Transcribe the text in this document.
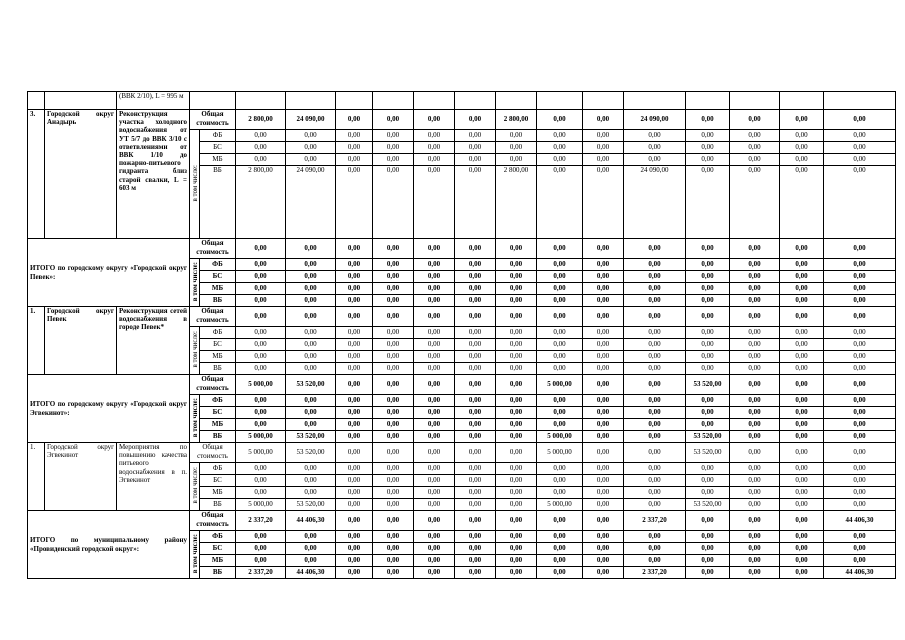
		(ВВК 2/10), L = 995 м																
3.	Городской округ Анадырь	Реконструкция участка холодного водоснабжения от УТ 5/7 до ВВК 3/10 с ответвлениями от ВВК 1/10 до пожарно-питьевого гидранта близ старой свалки, L = 603 м	Общая стоимость		2 800,00	24 090,00	0,00	0,00	0,00	0,00	2 800,00	0,00	0,00	24 090,00	0,00	0,00	0,00	0,00
			в том числе:	ФБ	0,00	0,00	0,00	0,00	0,00	0,00	0,00	0,00	0,00	0,00	0,00	0,00	0,00	0,00
				БС	0,00	0,00	0,00	0,00	0,00	0,00	0,00	0,00	0,00	0,00	0,00	0,00	0,00	0,00
				МБ	0,00	0,00	0,00	0,00	0,00	0,00	0,00	0,00	0,00	0,00	0,00	0,00	0,00	0,00
				ВБ	2 800,00	24 090,00	0,00	0,00	0,00	0,00	2 800,00	0,00	0,00	24 090,00	0,00	0,00	0,00	0,00
ИТОГО по городскому округу «Городской округ Певек»:			Общая стоимость		0,00	0,00	0,00	0,00	0,00	0,00	0,00	0,00	0,00	0,00	0,00	0,00	0,00	0,00
			в том числе:	ФБ	0,00	0,00	0,00	0,00	0,00	0,00	0,00	0,00	0,00	0,00	0,00	0,00	0,00	0,00
				БС	0,00	0,00	0,00	0,00	0,00	0,00	0,00	0,00	0,00	0,00	0,00	0,00	0,00	0,00
				МБ	0,00	0,00	0,00	0,00	0,00	0,00	0,00	0,00	0,00	0,00	0,00	0,00	0,00	0,00
				ВБ	0,00	0,00	0,00	0,00	0,00	0,00	0,00	0,00	0,00	0,00	0,00	0,00	0,00	0,00
1.	Городской округ Певек	Реконструкция сетей водоснабжения в городе Певек*	Общая стоимость		0,00	0,00	0,00	0,00	0,00	0,00	0,00	0,00	0,00	0,00	0,00	0,00	0,00	0,00
			в том числе:	ФБ	0,00	0,00	0,00	0,00	0,00	0,00	0,00	0,00	0,00	0,00	0,00	0,00	0,00	0,00
				БС	0,00	0,00	0,00	0,00	0,00	0,00	0,00	0,00	0,00	0,00	0,00	0,00	0,00	0,00
				МБ	0,00	0,00	0,00	0,00	0,00	0,00	0,00	0,00	0,00	0,00	0,00	0,00	0,00	0,00
				ВБ	0,00	0,00	0,00	0,00	0,00	0,00	0,00	0,00	0,00	0,00	0,00	0,00	0,00	0,00
ИТОГО по городскому округу «Городской округ Эгвекинот»:			Общая стоимость		5 000,00	53 520,00	0,00	0,00	0,00	0,00	0,00	5 000,00	0,00	0,00	53 520,00	0,00	0,00	0,00
			в том числе:	ФБ	0,00	0,00	0,00	0,00	0,00	0,00	0,00	0,00	0,00	0,00	0,00	0,00	0,00	0,00
				БС	0,00	0,00	0,00	0,00	0,00	0,00	0,00	0,00	0,00	0,00	0,00	0,00	0,00	0,00
				МБ	0,00	0,00	0,00	0,00	0,00	0,00	0,00	0,00	0,00	0,00	0,00	0,00	0,00	0,00
				ВБ	5 000,00	53 520,00	0,00	0,00	0,00	0,00	0,00	5 000,00	0,00	0,00	53 520,00	0,00	0,00	0,00
1.	Городской округ Эгвекинот	Мероприятия по повышению качества питьевого водоснабжения в п. Эгвекинот	Общая стоимость		5 000,00	53 520,00	0,00	0,00	0,00	0,00	0,00	5 000,00	0,00	0,00	53 520,00	0,00	0,00	0,00
			в том числе:	ФБ	0,00	0,00	0,00	0,00	0,00	0,00	0,00	0,00	0,00	0,00	0,00	0,00	0,00	0,00
				БС	0,00	0,00	0,00	0,00	0,00	0,00	0,00	0,00	0,00	0,00	0,00	0,00	0,00	0,00
				МБ	0,00	0,00	0,00	0,00	0,00	0,00	0,00	0,00	0,00	0,00	0,00	0,00	0,00	0,00
				ВБ	5 000,00	53 520,00	0,00	0,00	0,00	0,00	0,00	5 000,00	0,00	0,00	53 520,00	0,00	0,00	0,00
ИТОГО по муниципальному району «Провиденский городской округ»:			Общая стоимость		2 337,20	44 406,30	0,00	0,00	0,00	0,00	0,00	0,00	0,00	2 337,20	0,00	0,00	0,00	44 406,30
			в том числе:	ФБ	0,00	0,00	0,00	0,00	0,00	0,00	0,00	0,00	0,00	0,00	0,00	0,00	0,00	0,00
				БС	0,00	0,00	0,00	0,00	0,00	0,00	0,00	0,00	0,00	0,00	0,00	0,00	0,00	0,00
				МБ	0,00	0,00	0,00	0,00	0,00	0,00	0,00	0,00	0,00	0,00	0,00	0,00	0,00	0,00
				ВБ	2 337,20	44 406,30	0,00	0,00	0,00	0,00	0,00	0,00	0,00	2 337,20	0,00	0,00	0,00	44 406,30
